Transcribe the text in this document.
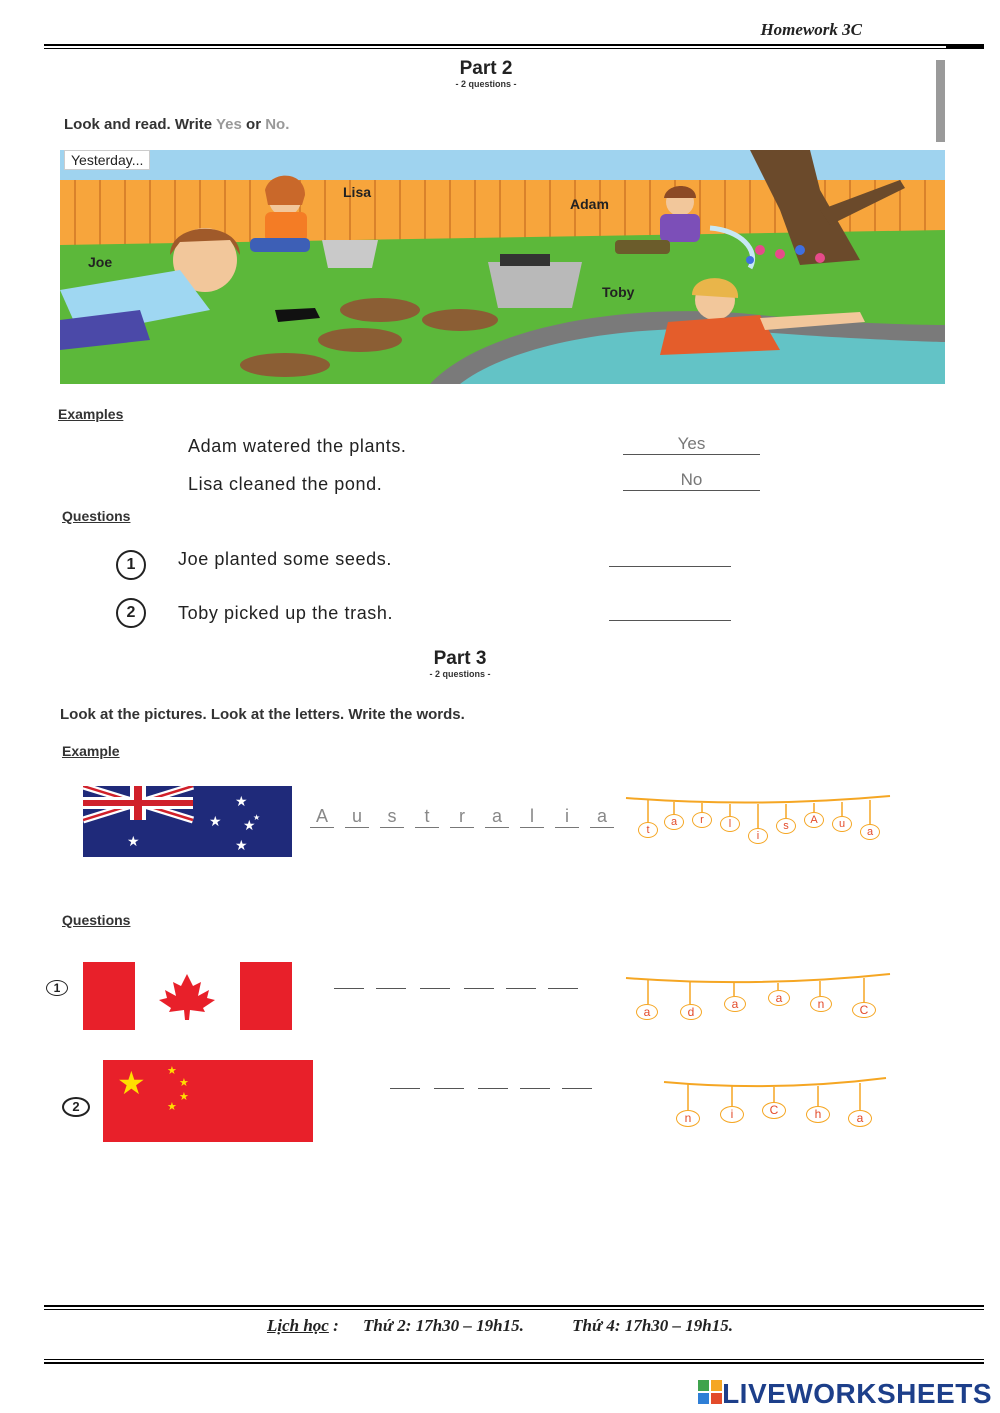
Homework 3C
Part 2
- 2 questions -
Look and read. Write Yes or No.
Yesterday...
Lisa
Adam
Joe
Toby
Examples
Adam watered the plants.	Yes
Lisa cleaned the pond.	No
Questions
1	Joe planted some seeds.
2	Toby picked up the trash.
Part 3
- 2 questions -
Look at the pictures. Look at the letters. Write the words.
Example
★
★
★ ★
★
★	A	u	s	t	r	a	l	i	a
t
a	r	l
i
s	A	u
a
Questions
1
a	d
a	a	n	C
2
★ ★
★
★
★
n	i	C	h	a
Lịch học : Thứ 2: 17h30 – 19h15.	Thứ 4: 17h30 – 19h15.
LIVEWORKSHEETS
